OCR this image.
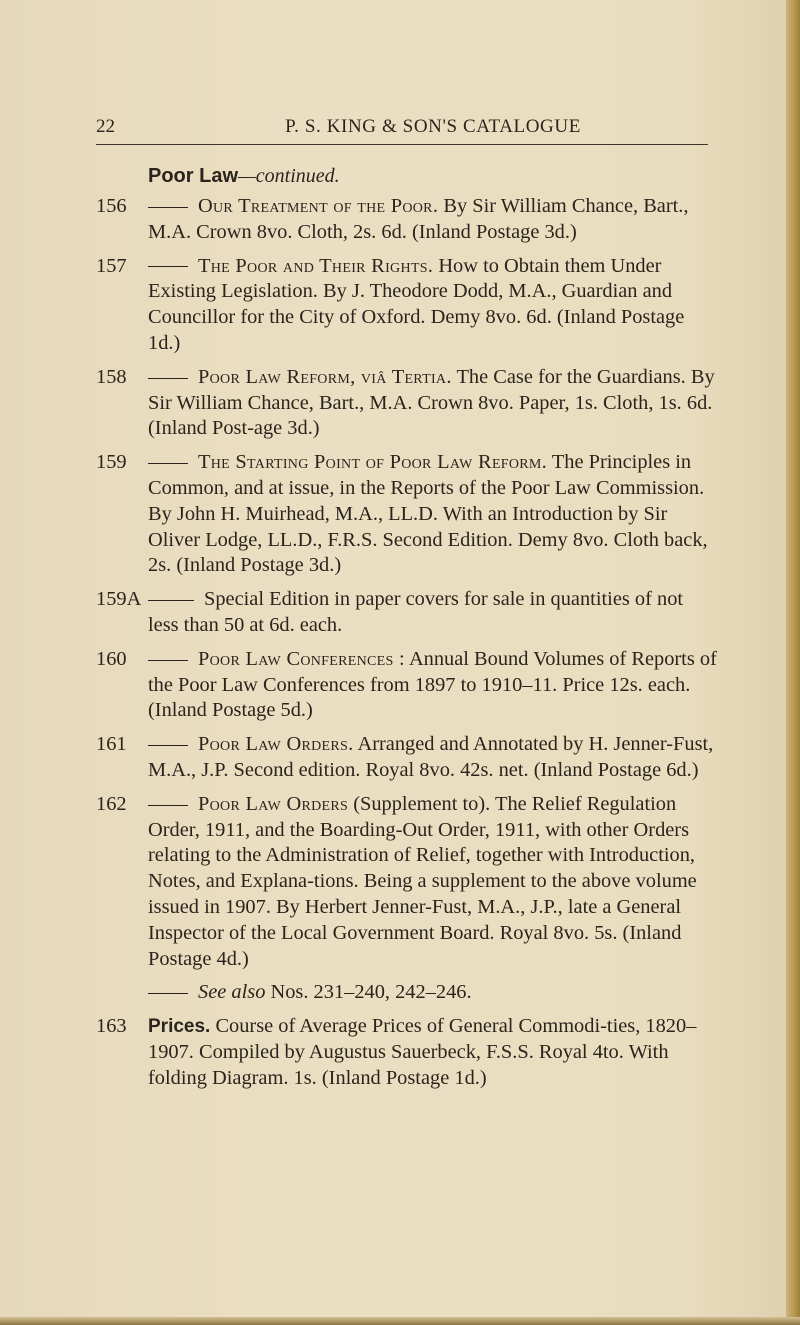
22	P. S. KING & SON'S CATALOGUE
Poor Law—continued.
156	Our Treatment of the Poor. By Sir William Chance, Bart., M.A. Crown 8vo. Cloth, 2s. 6d. (Inland Postage 3d.)
157	The Poor and Their Rights. How to Obtain them Under Existing Legislation. By J. Theodore Dodd, M.A., Guardian and Councillor for the City of Oxford. Demy 8vo. 6d. (Inland Postage 1d.)
158	Poor Law Reform, viâ Tertia. The Case for the Guardians. By Sir William Chance, Bart., M.A. Crown 8vo. Paper, 1s. Cloth, 1s. 6d. (Inland Post-age 3d.)
159	The Starting Point of Poor Law Reform. The Principles in Common, and at issue, in the Reports of the Poor Law Commission. By John H. Muirhead, M.A., LL.D. With an Introduction by Sir Oliver Lodge, LL.D., F.R.S. Second Edition. Demy 8vo. Cloth back, 2s. (Inland Postage 3d.)
159A	Special Edition in paper covers for sale in quantities of not less than 50 at 6d. each.
160	Poor Law Conferences : Annual Bound Volumes of Reports of the Poor Law Conferences from 1897 to 1910–11. Price 12s. each. (Inland Postage 5d.)
161	Poor Law Orders. Arranged and Annotated by H. Jenner-Fust, M.A., J.P. Second edition. Royal 8vo. 42s. net. (Inland Postage 6d.)
162	Poor Law Orders (Supplement to). The Relief Regulation Order, 1911, and the Boarding-Out Order, 1911, with other Orders relating to the Administration of Relief, together with Introduction, Notes, and Explana-tions. Being a supplement to the above volume issued in 1907. By Herbert Jenner-Fust, M.A., J.P., late a General Inspector of the Local Government Board. Royal 8vo. 5s. (Inland Postage 4d.)
See also Nos. 231–240, 242–246.
163 Prices. Course of Average Prices of General Commodi-ties, 1820–1907. Compiled by Augustus Sauerbeck, F.S.S. Royal 4to. With folding Diagram. 1s. (Inland Postage 1d.)
